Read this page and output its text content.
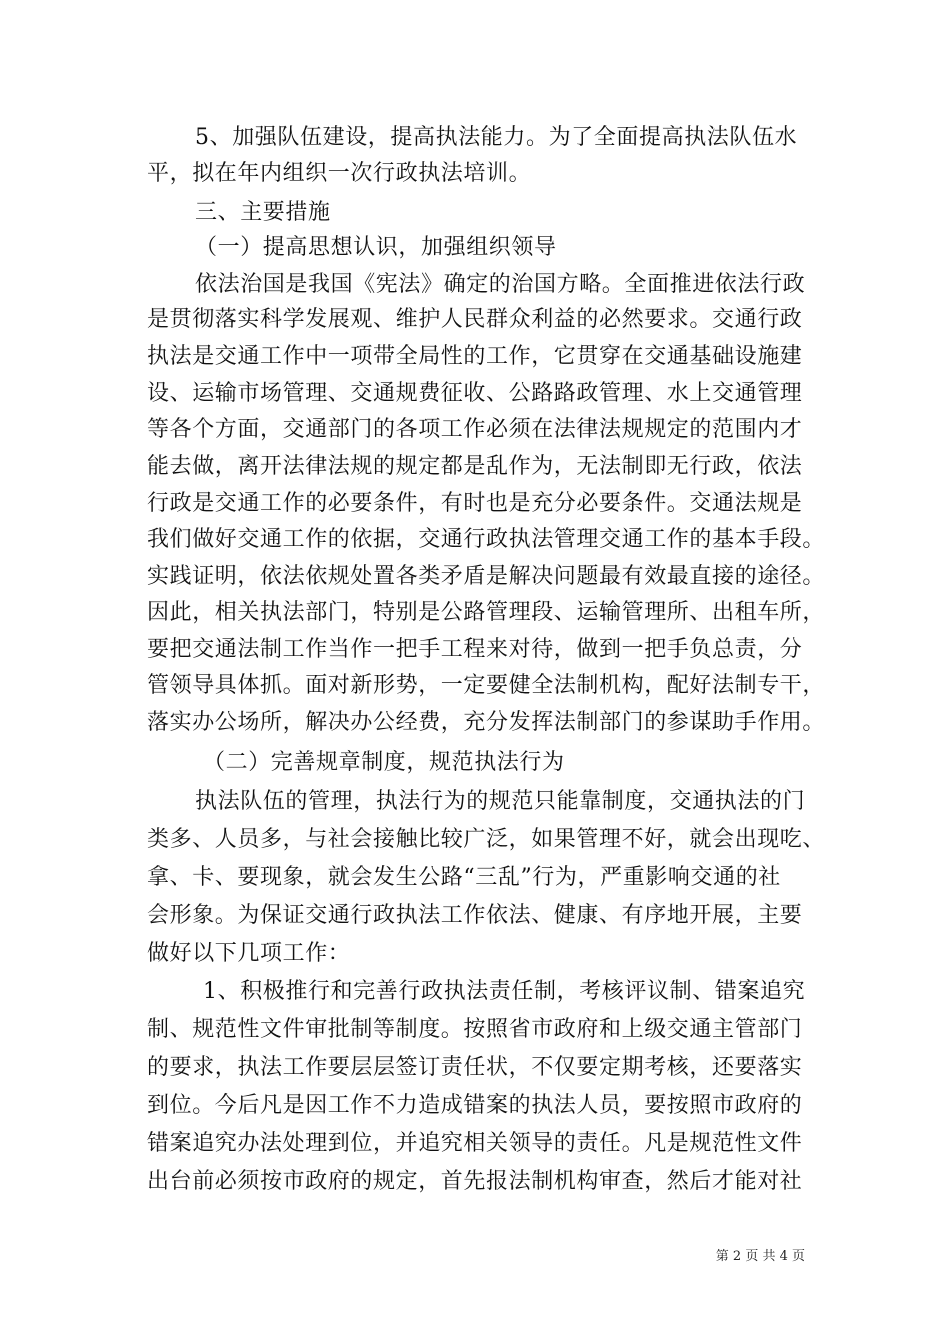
5、加强队伍建设，提高执法能力。为了全面提高执法队伍水
平，拟在年内组织一次行政执法培训。
三、主要措施
（一）提高思想认识，加强组织领导
依法治国是我国《宪法》确定的治国方略。全面推进依法行政
是贯彻落实科学发展观、维护人民群众利益的必然要求。交通行政
执法是交通工作中一项带全局性的工作，它贯穿在交通基础设施建
设、运输市场管理、交通规费征收、公路路政管理、水上交通管理
等各个方面，交通部门的各项工作必须在法律法规规定的范围内才
能去做，离开法律法规的规定都是乱作为，无法制即无行政，依法
行政是交通工作的必要条件，有时也是充分必要条件。交通法规是
我们做好交通工作的依据，交通行政执法管理交通工作的基本手段。
实践证明，依法依规处置各类矛盾是解决问题最有效最直接的途径。
因此，相关执法部门，特别是公路管理段、运输管理所、出租车所，
要把交通法制工作当作一把手工程来对待，做到一把手负总责，分
管领导具体抓。面对新形势，一定要健全法制机构，配好法制专干，
落实办公场所，解决办公经费，充分发挥法制部门的参谋助手作用。
（二）完善规章制度，规范执法行为
执法队伍的管理，执法行为的规范只能靠制度，交通执法的门
类多、人员多，与社会接触比较广泛，如果管理不好，就会出现吃、
拿、卡、要现象，就会发生公路“三乱”行为，严重影响交通的社
会形象。为保证交通行政执法工作依法、健康、有序地开展，主要
做好以下几项工作：
1、积极推行和完善行政执法责任制，考核评议制、错案追究
制、规范性文件审批制等制度。按照省市政府和上级交通主管部门
的要求，执法工作要层层签订责任状，不仅要定期考核，还要落实
到位。今后凡是因工作不力造成错案的执法人员，要按照市政府的
错案追究办法处理到位，并追究相关领导的责任。凡是规范性文件
出台前必须按市政府的规定，首先报法制机构审查，然后才能对社
第 2 页 共 4 页
